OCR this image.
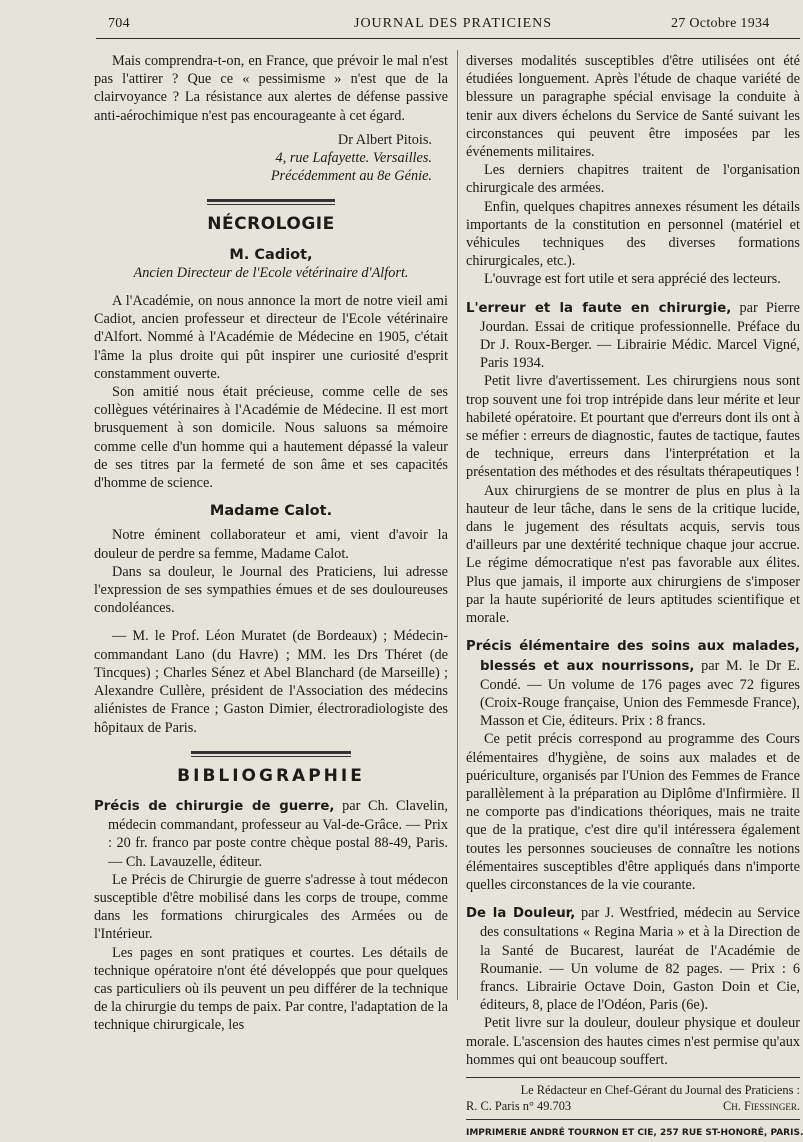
704	JOURNAL DES PRATICIENS	27 Octobre 1934

Mais comprendra-t-on, en France, que prévoir le mal n'est pas l'attirer ? Que ce « pessimisme » n'est que de la clairvoyance ? La résistance aux alertes de défense passive anti-aérochimique n'est pas encourageante à cet égard.

Dr Albert Pitois.

4, rue Lafayette. Versailles.

Précédemment au 8e Génie.

NÉCROLOGIE
M. Cadiot,

Ancien Directeur de l'Ecole vétérinaire d'Alfort.

A l'Académie, on nous annonce la mort de notre vieil ami Cadiot, ancien professeur et directeur de l'Ecole vétérinaire d'Alfort. Nommé à l'Académie de Médecine en 1905, c'était l'âme la plus droite qui pût inspirer une curiosité d'esprit constamment ouverte.

Son amitié nous était précieuse, comme celle de ses collègues vétérinaires à l'Académie de Médecine. Il est mort brusquement à son domicile. Nous saluons sa mémoire comme celle d'un homme qui a hautement dépassé la valeur de ses titres par la fermeté de son âme et ses capacités d'homme de science.

Madame Calot.

Notre éminent collaborateur et ami, vient d'avoir la douleur de perdre sa femme, Madame Calot.

Dans sa douleur, le Journal des Praticiens, lui adresse l'expression de ses sympathies émues et de ses douloureuses condoléances.

— M. le Prof. Léon Muratet (de Bordeaux) ; Médecin-commandant Lano (du Havre) ; MM. les Drs Théret (de Tincques) ; Charles Sénez et Abel Blanchard (de Marseille) ; Alexandre Cullère, président de l'Association des médecins aliénistes de France ; Gaston Dimier, électroradiologiste des hôpitaux de Paris.

BIBLIOGRAPHIE

Précis de chirurgie de guerre, par Ch. Clavelin, médecin commandant, professeur au Val-de-Grâce. — Prix : 20 fr. franco par poste contre chèque postal 88-49, Paris. — Ch. Lavauzelle, éditeur.

Le Précis de Chirurgie de guerre s'adresse à tout médecon susceptible d'être mobilisé dans les corps de troupe, comme dans les formations chirurgicales des Armées ou de l'Intérieur.

Les pages en sont pratiques et courtes. Les détails de technique opératoire n'ont été développés que pour quelques cas particuliers où ils peuvent un peu différer de la technique de la chirurgie du temps de paix. Par contre, l'adaptation de la technique chirurgicale, les

diverses modalités susceptibles d'être utilisées ont été étudiées longuement. Après l'étude de chaque variété de blessure un paragraphe spécial envisage la conduite à tenir aux divers échelons du Service de Santé suivant les circonstances qui peuvent être imposées par les événements militaires.

Les derniers chapitres traitent de l'organisation chirurgicale des armées.

Enfin, quelques chapitres annexes résument les détails importants de la constitution en personnel (matériel et véhicules techniques des diverses formations chirurgicales, etc.).

L'ouvrage est fort utile et sera apprécié des lecteurs.

L'erreur et la faute en chirurgie, par Pierre Jourdan. Essai de critique professionnelle. Préface du Dr J. Roux-Berger. — Librairie Médic. Marcel Vigné, Paris 1934.

Petit livre d'avertissement. Les chirurgiens nous sont trop souvent une foi trop intrépide dans leur mérite et leur habileté opératoire. Et pourtant que d'erreurs dont ils ont à se méfier : erreurs de diagnostic, fautes de tactique, fautes de technique, erreurs dans l'interprétation et la présentation des méthodes et des résultats thérapeutiques !

Aux chirurgiens de se montrer de plus en plus à la hauteur de leur tâche, dans le sens de la critique lucide, dans le jugement des résultats acquis, servis tous d'ailleurs par une dextérité technique chaque jour accrue. Le régime démocratique n'est pas favorable aux élites. Plus que jamais, il importe aux chirurgiens de s'imposer par la haute supériorité de leurs aptitudes scientifique et morale.

Précis élémentaire des soins aux malades, blessés et aux nourrissons, par M. le Dr E. Condé. — Un volume de 176 pages avec 72 figures (Croix-Rouge française, Union des Femmesde France), Masson et Cie, éditeurs. Prix : 8 francs.

Ce petit précis correspond au programme des Cours élémentaires d'hygiène, de soins aux malades et de puériculture, organisés par l'Union des Femmes de France parallèlement à la préparation au Diplôme d'Infirmière. Il ne comporte pas d'indications théoriques, mais ne traite que de la pratique, c'est dire qu'il intéressera également toutes les personnes soucieuses de connaître les notions élémentaires susceptibles d'être appliqués dans n'importe quelles circonstances de la vie courante.

De la Douleur, par J. Westfried, médecin au Service des consultations « Regina Maria » et à la Direction de la Santé de Bucarest, lauréat de l'Académie de Roumanie. — Un volume de 82 pages. — Prix : 6 francs. Librairie Octave Doin, Gaston Doin et Cie, éditeurs, 8, place de l'Odéon, Paris (6e).

Petit livre sur la douleur, douleur physique et douleur morale. L'ascension des hautes cimes n'est permise qu'aux hommes qui ont beaucoup souffert.

Le Rédacteur en Chef-Gérant du Journal des Praticiens :
R. C. Paris n° 49.703	Ch. Fiessinger.
IMPRIMERIE ANDRÉ TOURNON ET CIE, 257 RUE ST-HONORÉ, PARIS.
